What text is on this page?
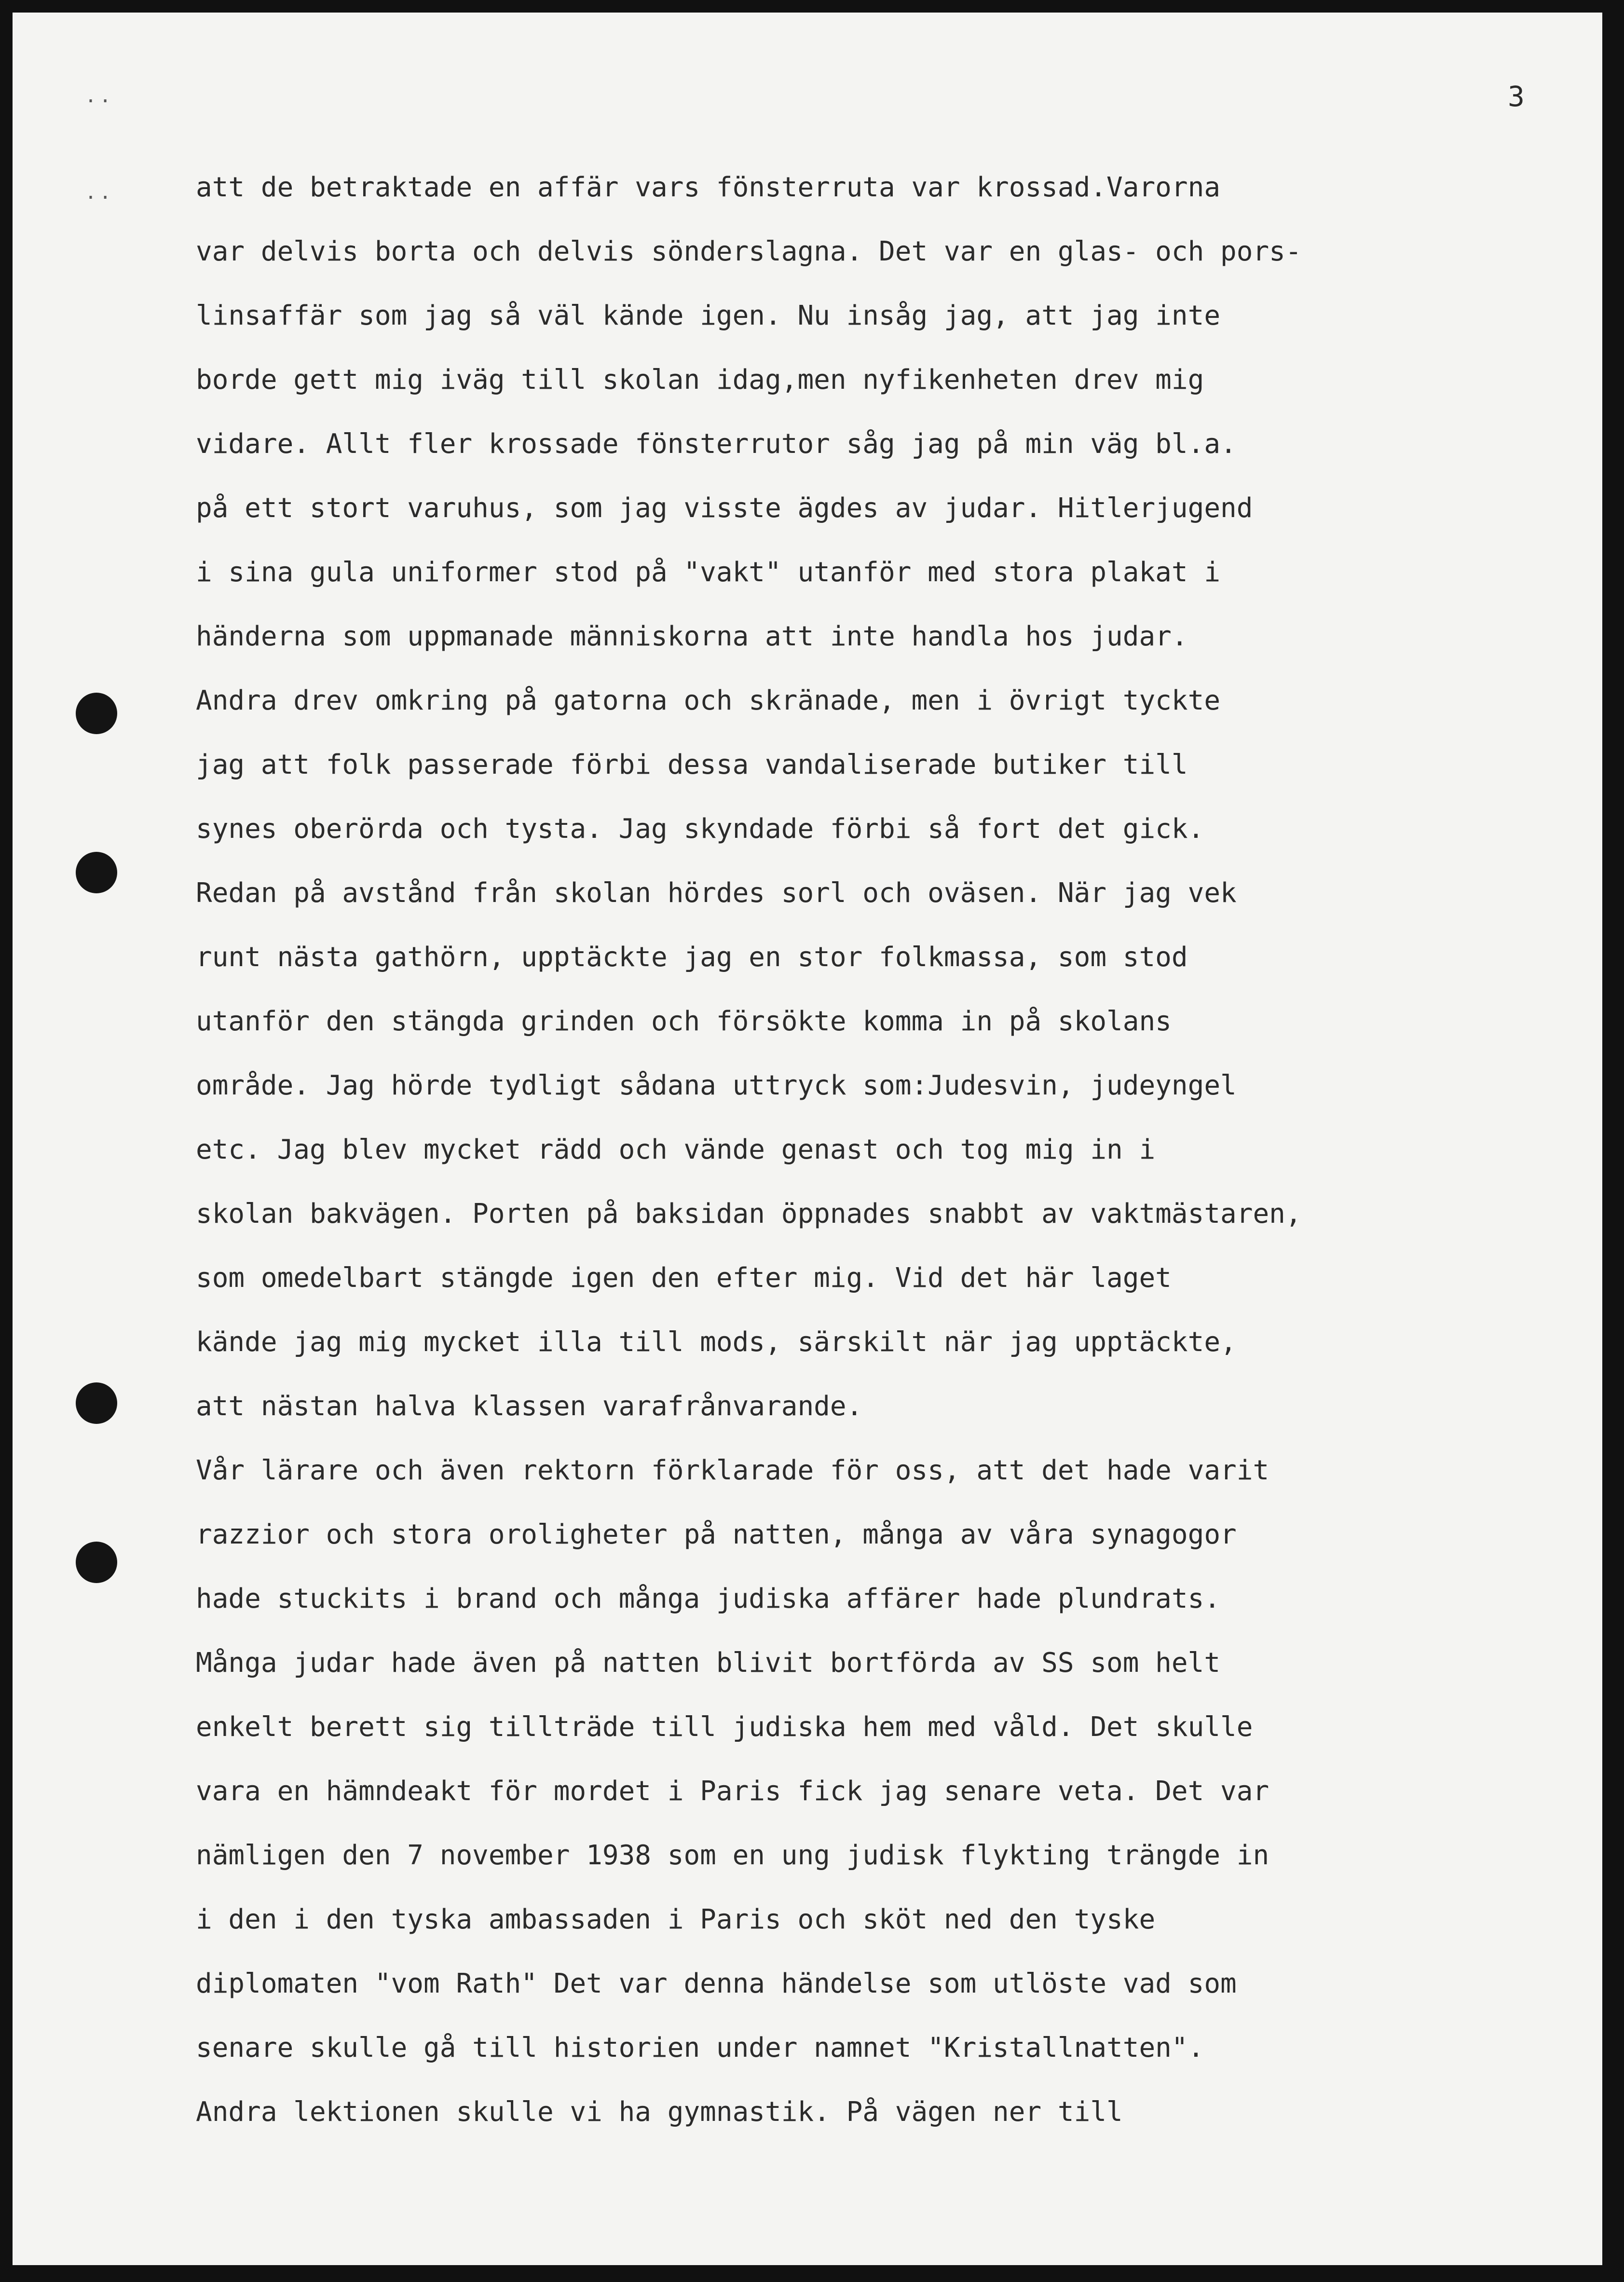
..
..
3
att de betraktade en affär vars fönsterruta var krossad.Varorna
var delvis borta och delvis sönderslagna. Det var en glas- och pors-
linsaffär som jag så väl kände igen. Nu insåg jag, att jag inte
borde gett mig iväg till skolan idag,men nyfikenheten drev mig
vidare. Allt fler krossade fönsterrutor såg jag på min väg bl.a.
på ett stort varuhus, som jag visste ägdes av judar. Hitlerjugend
i sina gula uniformer stod på "vakt" utanför med stora plakat i
händerna som uppmanade människorna att inte handla hos judar.
Andra drev omkring på gatorna och skränade, men i övrigt tyckte
jag att folk passerade förbi dessa vandaliserade butiker till
synes oberörda och tysta. Jag skyndade förbi så fort det gick.
Redan på avstånd från skolan hördes sorl och oväsen. När jag vek
runt nästa gathörn, upptäckte jag en stor folkmassa, som stod
utanför den stängda grinden och försökte komma in på skolans
område. Jag hörde tydligt sådana uttryck som:Judesvin, judeyngel
etc. Jag blev mycket rädd och vände genast och tog mig in i
skolan bakvägen. Porten på baksidan öppnades snabbt av vaktmästaren,
som omedelbart stängde igen den efter mig. Vid det här laget
kände jag mig mycket illa till mods, särskilt när jag upptäckte,
att nästan halva klassen varafrånvarande.
Vår lärare och även rektorn förklarade för oss, att det hade varit
razzior och stora oroligheter på natten, många av våra synagogor
hade stuckits i brand och många judiska affärer hade plundrats.
Många judar hade även på natten blivit bortförda av SS som helt
enkelt berett sig tillträde till judiska hem med våld. Det skulle
vara en hämndeakt för mordet i Paris fick jag senare veta. Det var
nämligen den 7 november 1938 som en ung judisk flykting trängde in
i den i den tyska ambassaden i Paris och sköt ned den tyske
diplomaten "vom Rath" Det var denna händelse som utlöste vad som
senare skulle gå till historien under namnet "Kristallnatten".
Andra lektionen skulle vi ha gymnastik. På vägen ner till
